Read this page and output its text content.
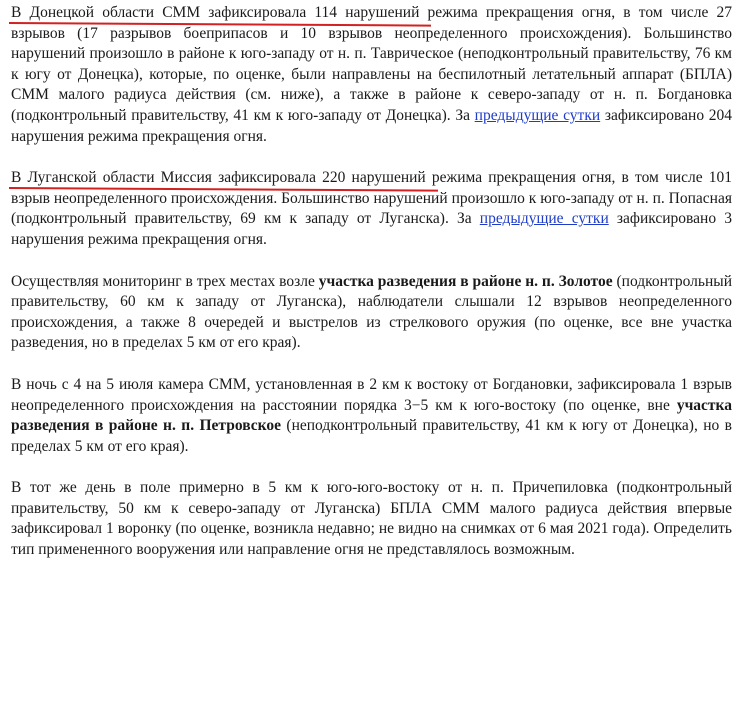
В Донецкой области СММ зафиксировала 114 нарушений
режима прекращения огня, в том числе 27 взрывов (17 разрывов боеприпасов и 10 взрывов неопределенного происхождения). Большинство нарушений произошло в районе к юго-западу от н. п. Таврическое (неподконтрольный правительству, 76 км к югу от Донецка), которые, по оценке, были направлены на беспилотный летательный аппарат (БПЛА) СММ малого радиуса действия (см. ниже), а также в районе к северо-западу от н. п. Богдановка (подконтрольный правительству, 41 км к юго-западу от Донецка). За предыдущие сутки зафиксировано 204 нарушения режима прекращения огня.

В Луганской области Миссия зафиксировала 220 нарушений
режима прекращения огня, в том числе 101 взрыв неопределенного происхождения. Большинство нарушений произошло к юго-западу от н. п. Попасная (подконтрольный правительству, 69 км к западу от Луганска). За предыдущие сутки зафиксировано 3 нарушения режима прекращения огня.

Осуществляя мониторинг в трех местах возле участка разведения в районе н. п. Золотое (подконтрольный правительству, 60 км к западу от Луганска), наблюдатели слышали 12 взрывов неопределенного происхождения, а также 8 очередей и выстрелов из стрелкового оружия (по оценке, все вне участка разведения, но в пределах 5 км от его края).

В ночь с 4 на 5 июля камера СММ, установленная в 2 км к востоку от Богдановки, зафиксировала 1 взрыв неопределенного происхождения на расстоянии порядка 3−5 км к юго-востоку (по оценке, вне участка разведения в районе н. п. Петровское (неподконтрольный правительству, 41 км к югу от Донецка), но в пределах 5 км от его края).

В тот же день в поле примерно в 5 км к юго-юго-востоку от н. п. Причепиловка (подконтрольный правительству, 50 км к северо-западу от Луганска) БПЛА СММ малого радиуса действия впервые зафиксировал 1 воронку (по оценке, возникла недавно; не видно на снимках от 6 мая 2021 года). Определить тип примененного вооружения или направление огня не представлялось возможным.
